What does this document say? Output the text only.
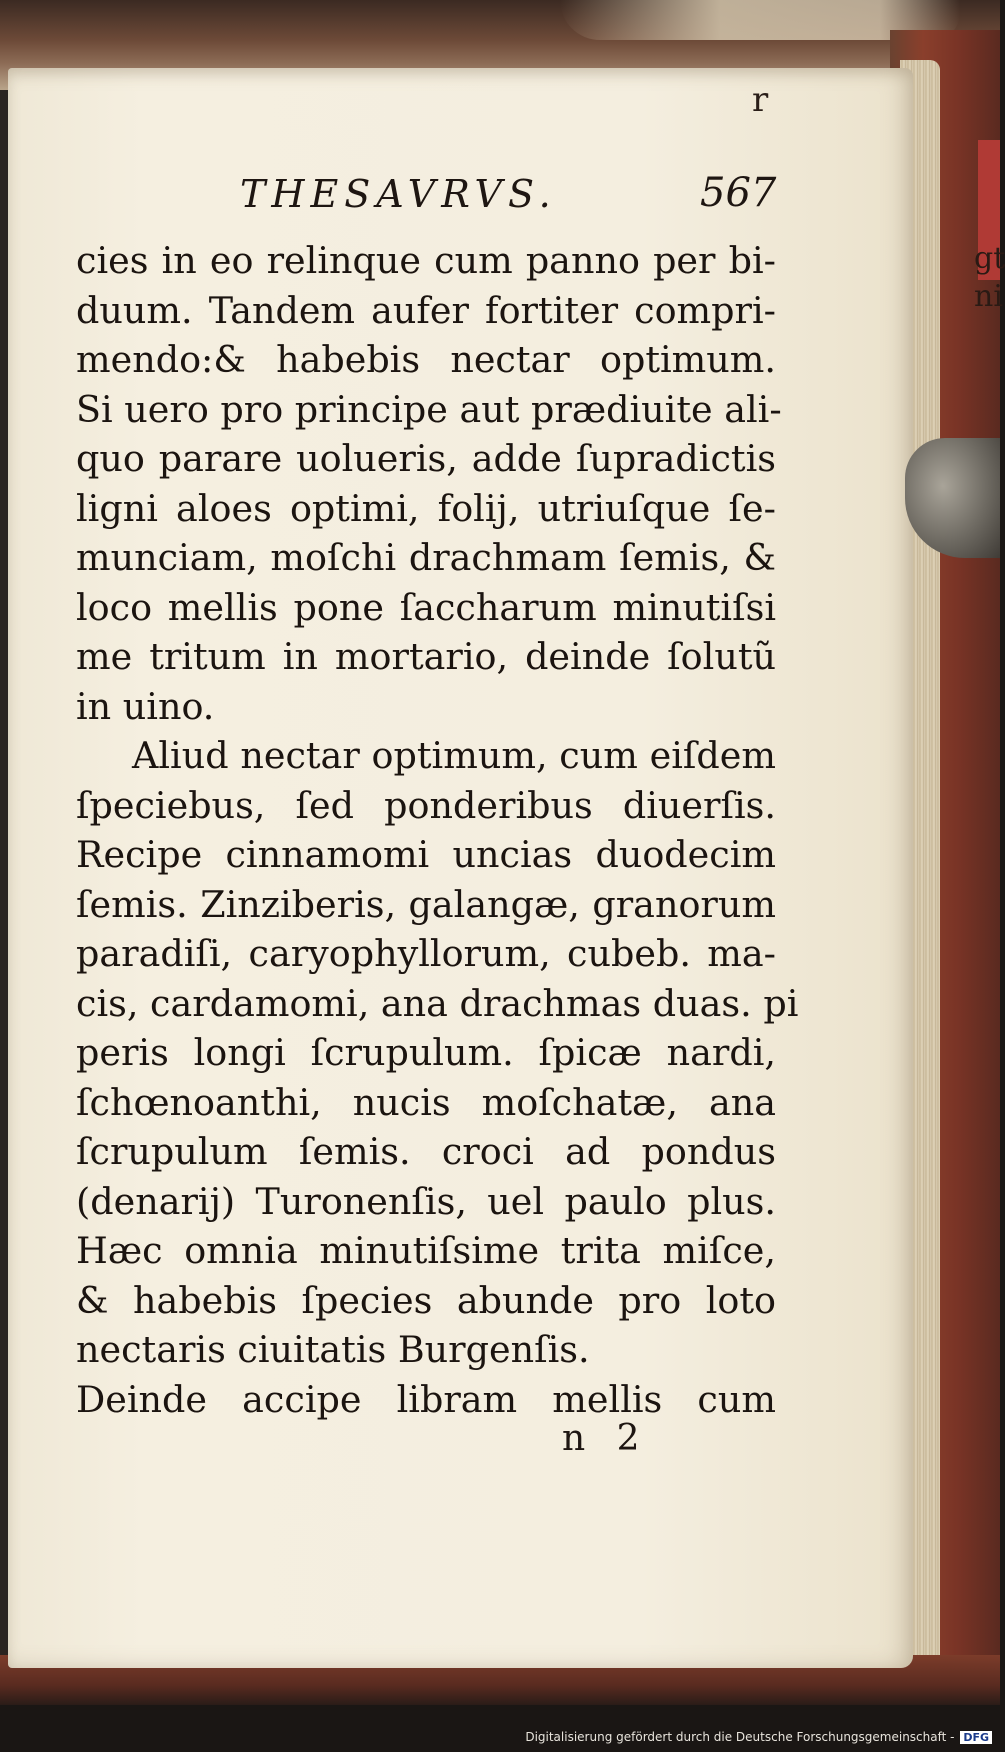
gt
ni
r
THESAVRVS.	567
cies in eo relinque cum panno per bi-
duum. Tandem aufer fortiter compri-
mendo:& habebis nectar optimum.
Si uero pro principe aut prædiuite ali-
quo parare uolueris, adde ſupradictis
ligni aloes optimi, folij, utriuſque ſe-
munciam, moſchi drachmam ſemis, &
loco mellis pone ſaccharum minutiſsi
me tritum in mortario, deinde ſolutũ
in uino.
Aliud nectar optimum, cum eiſdem
ſpeciebus, ſed ponderibus diuerſis.
Recipe cinnamomi uncias duodecim
ſemis. Zinziberis, galangæ, granorum
paradiſi, caryophyllorum, cubeb. ma-
cis, cardamomi, ana drachmas duas. pi
peris longi ſcrupulum. ſpicæ nardi,
ſchœnoanthi, nucis moſchatæ, ana
ſcrupulum ſemis. croci ad pondus
(denarij) Turonenſis, uel paulo plus.
Hæc omnia minutiſsime trita miſce,
& habebis ſpecies abunde pro loto
nectaris ciuitatis Burgenſis.
Deinde accipe libram mellis cum
n 2
Digitalisierung gefördert durch die Deutsche Forschungsgemeinschaft - DFG
